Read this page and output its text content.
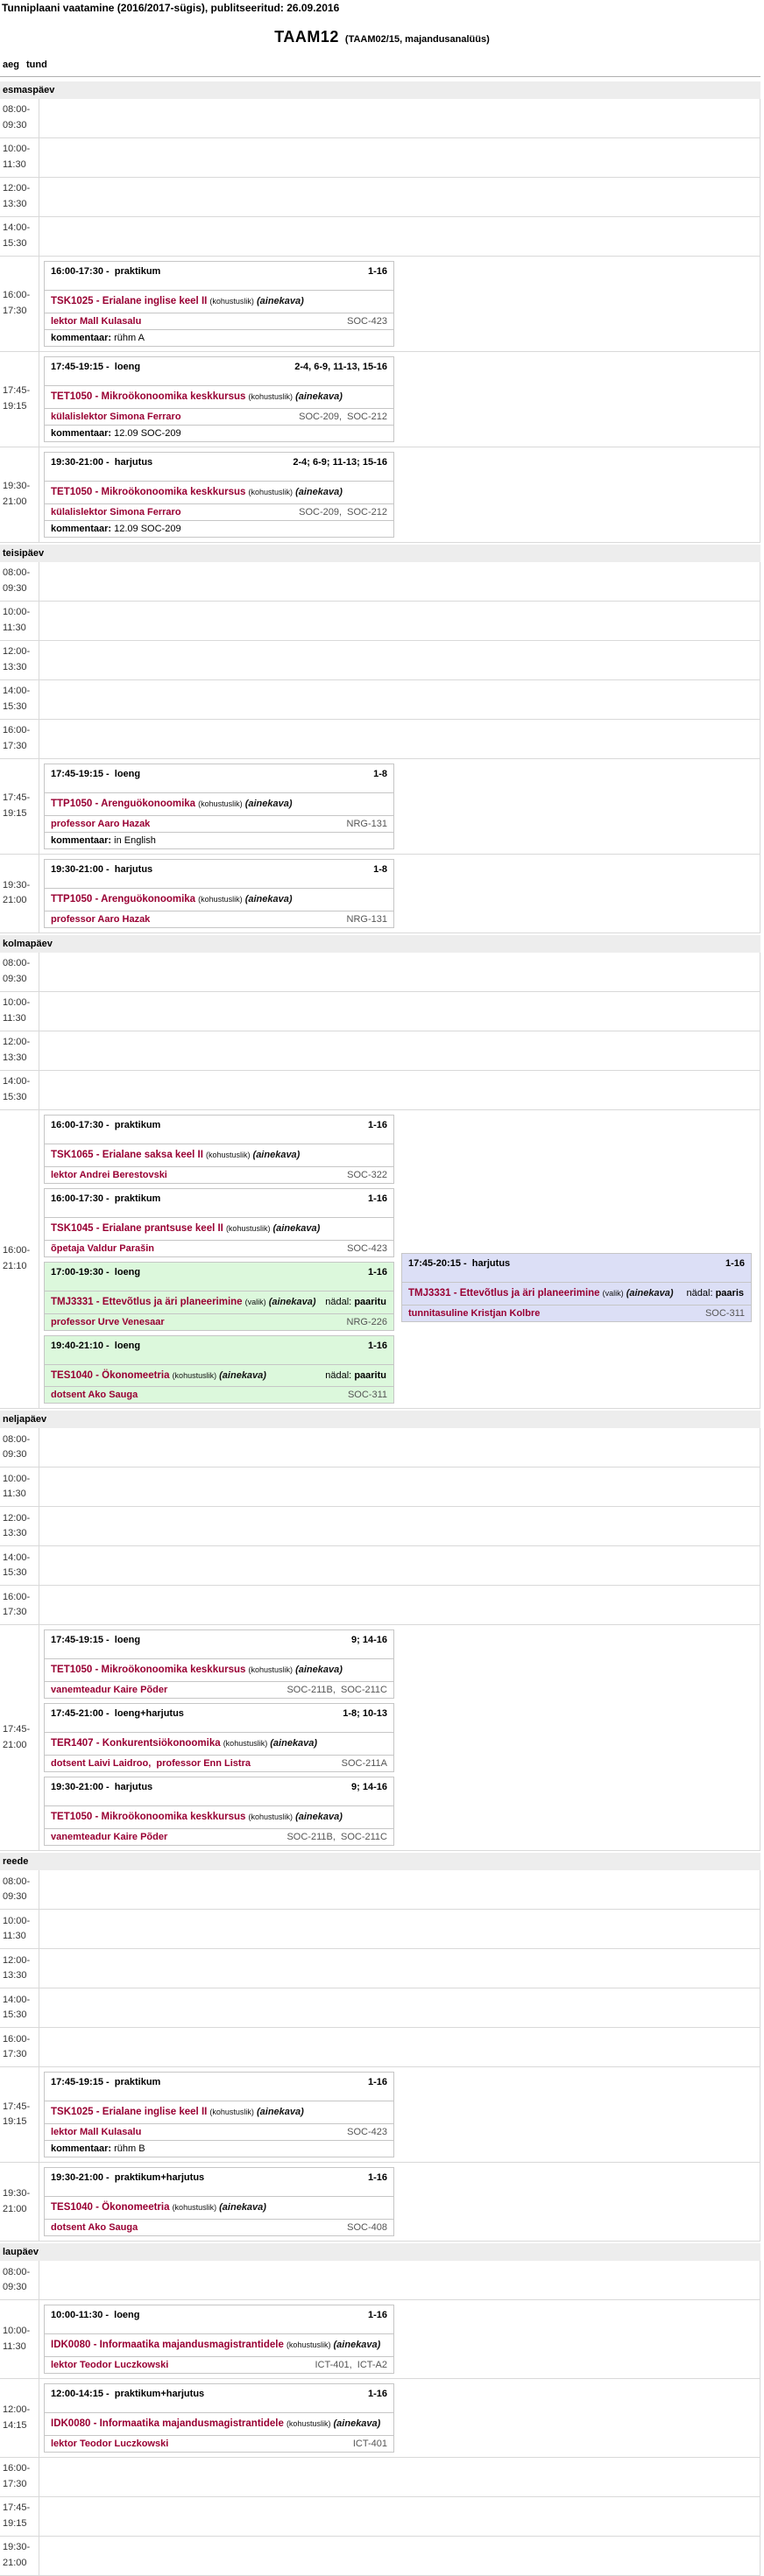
Tunniplaani vaatamine (2016/2017-sügis), publitseeritud: 26.09.2016
TAAM12 (TAAM02/15, majandusanalüüs)
aeg tund
esmaspäev
08:00-
09:30
10:00-
11:30
12:00-
13:30
14:00-
15:30
16:00-
17:30
16:00-17:30 -  praktikum	1-16
TSK1025 - Erialane inglise keel II (kohustuslik) (ainekava)
lektor Mall Kulasalu	SOC-423
kommentaar: rühm A
17:45-
19:15
17:45-19:15 -  loeng	2-4, 6-9, 11-13, 15-16
TET1050 - Mikroökonoomika keskkursus (kohustuslik) (ainekava)
külalislektor Simona Ferraro	SOC-209,  SOC-212
kommentaar: 12.09 SOC-209
19:30-
21:00
19:30-21:00 -  harjutus	2-4; 6-9; 11-13; 15-16
TET1050 - Mikroökonoomika keskkursus (kohustuslik) (ainekava)
külalislektor Simona Ferraro	SOC-209,  SOC-212
kommentaar: 12.09 SOC-209
teisipäev
08:00-
09:30
10:00-
11:30
12:00-
13:30
14:00-
15:30
16:00-
17:30
17:45-
19:15
17:45-19:15 -  loeng	1-8
TTP1050 - Arenguökonoomika (kohustuslik) (ainekava)
professor Aaro Hazak	NRG-131
kommentaar: in English
19:30-
21:00
19:30-21:00 -  harjutus	1-8
TTP1050 - Arenguökonoomika (kohustuslik) (ainekava)
professor Aaro Hazak	NRG-131
kolmapäev
08:00-
09:30
10:00-
11:30
12:00-
13:30
14:00-
15:30
16:00-
21:10
16:00-17:30 -  praktikum	1-16
TSK1065 - Erialane saksa keel II (kohustuslik) (ainekava)
lektor Andrei Berestovski	SOC-322
16:00-17:30 -  praktikum	1-16
TSK1045 - Erialane prantsuse keel II (kohustuslik) (ainekava)
õpetaja Valdur Parašin	SOC-423
17:00-19:30 -  loeng	1-16
TMJ3331 - Ettevõtlus ja äri planeerimine (valik) (ainekava) nädal: paaritu
professor Urve Venesaar	NRG-226
19:40-21:10 -  loeng	1-16
TES1040 - Ökonomeetria (kohustuslik) (ainekava)	nädal: paaritu
dotsent Ako Sauga	SOC-311
17:45-20:15 -  harjutus	1-16
TMJ3331 - Ettevõtlus ja äri planeerimine (valik) (ainekava)	nädal: paaris
tunnitasuline Kristjan Kolbre	SOC-311
neljapäev
08:00-
09:30
10:00-
11:30
12:00-
13:30
14:00-
15:30
16:00-
17:30
17:45-
21:00
17:45-19:15 -  loeng	9; 14-16
TET1050 - Mikroökonoomika keskkursus (kohustuslik) (ainekava)
vanemteadur Kaire Põder	SOC-211B,  SOC-211C
17:45-21:00 -  loeng+harjutus	1-8; 10-13
TER1407 - Konkurentsiökonoomika (kohustuslik) (ainekava)
dotsent Laivi Laidroo,  professor Enn Listra	SOC-211A
19:30-21:00 -  harjutus	9; 14-16
TET1050 - Mikroökonoomika keskkursus (kohustuslik) (ainekava)
vanemteadur Kaire Põder	SOC-211B,  SOC-211C
reede
08:00-
09:30
10:00-
11:30
12:00-
13:30
14:00-
15:30
16:00-
17:30
17:45-
19:15
17:45-19:15 -  praktikum	1-16
TSK1025 - Erialane inglise keel II (kohustuslik) (ainekava)
lektor Mall Kulasalu	SOC-423
kommentaar: rühm B
19:30-
21:00
19:30-21:00 -  praktikum+harjutus	1-16
TES1040 - Ökonomeetria (kohustuslik) (ainekava)
dotsent Ako Sauga	SOC-408
laupäev
08:00-
09:30
10:00-
11:30
10:00-11:30 -  loeng	1-16
IDK0080 - Informaatika majandusmagistrantidele (kohustuslik) (ainekava)
lektor Teodor Luczkowski	ICT-401,  ICT-A2
12:00-
14:15
12:00-14:15 -  praktikum+harjutus	1-16
IDK0080 - Informaatika majandusmagistrantidele (kohustuslik) (ainekava)
lektor Teodor Luczkowski	ICT-401
16:00-
17:30
17:45-
19:15
19:30-
21:00
